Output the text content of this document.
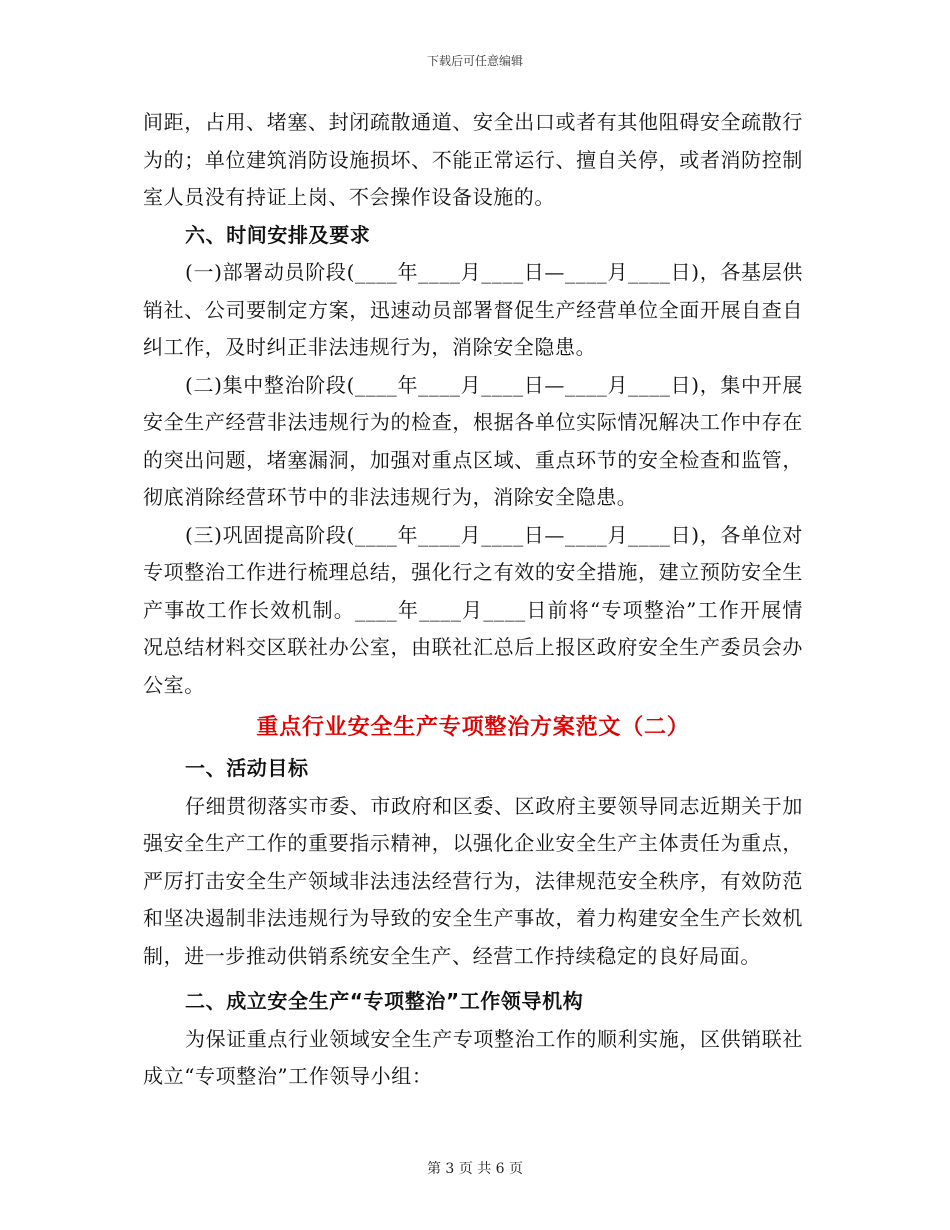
下载后可任意编辑

间距，占用、堵塞、封闭疏散通道、安全出口或者有其他阻碍安全疏散行为的；单位建筑消防设施损坏、不能正常运行、擅自关停，或者消防控制室人员没有持证上岗、不会操作设备设施的。

六、时间安排及要求

(一)部署动员阶段(____年____月____日—____月____日)，各基层供销社、公司要制定方案，迅速动员部署督促生产经营单位全面开展自查自纠工作，及时纠正非法违规行为，消除安全隐患。

(二)集中整治阶段(____年____月____日—____月____日)，集中开展安全生产经营非法违规行为的检查，根据各单位实际情况解决工作中存在的突出问题，堵塞漏洞，加强对重点区域、重点环节的安全检查和监管，彻底消除经营环节中的非法违规行为，消除安全隐患。

(三)巩固提高阶段(____年____月____日—____月____日)，各单位对专项整治工作进行梳理总结，强化行之有效的安全措施，建立预防安全生产事故工作长效机制。____年____月____日前将“专项整治”工作开展情况总结材料交区联社办公室，由联社汇总后上报区政府安全生产委员会办公室。

重点行业安全生产专项整治方案范文（二）

一、活动目标

仔细贯彻落实市委、市政府和区委、区政府主要领导同志近期关于加强安全生产工作的重要指示精神，以强化企业安全生产主体责任为重点，严厉打击安全生产领域非法违法经营行为，法律规范安全秩序，有效防范和坚决遏制非法违规行为导致的安全生产事故，着力构建安全生产长效机制，进一步推动供销系统安全生产、经营工作持续稳定的良好局面。

二、成立安全生产“专项整治”工作领导机构

为保证重点行业领域安全生产专项整治工作的顺利实施，区供销联社成立“专项整治”工作领导小组：

第 3 页 共 6 页
